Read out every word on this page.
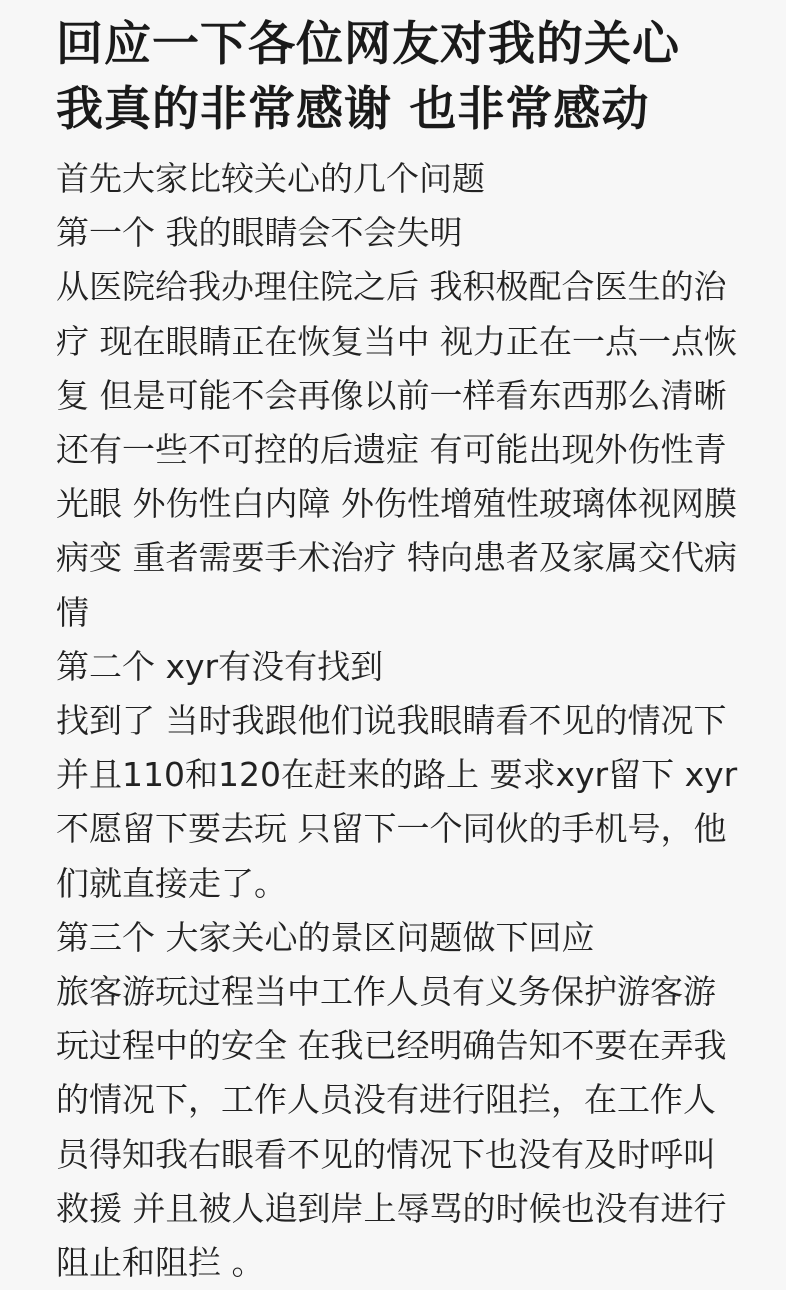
回应一下各位网友对我的关心
我真的非常感谢 也非常感动
首先大家比较关心的几个问题
第一个 我的眼睛会不会失明
从医院给我办理住院之后 我积极配合医生的治
疗 现在眼睛正在恢复当中 视力正在一点一点恢
复 但是可能不会再像以前一样看东西那么清晰
还有一些不可控的后遗症 有可能出现外伤性青
光眼 外伤性白内障 外伤性增殖性玻璃体视网膜
病变 重者需要手术治疗 特向患者及家属交代病
情
第二个 xyr有没有找到
找到了 当时我跟他们说我眼睛看不见的情况下
并且110和120在赶来的路上 要求xyr留下 xyr
不愿留下要去玩 只留下一个同伙的手机号，他
们就直接走了。
第三个 大家关心的景区问题做下回应
旅客游玩过程当中工作人员有义务保护游客游
玩过程中的安全 在我已经明确告知不要在弄我
的情况下，工作人员没有进行阻拦，在工作人
员得知我右眼看不见的情况下也没有及时呼叫
救援 并且被人追到岸上辱骂的时候也没有进行
阻止和阻拦 。
